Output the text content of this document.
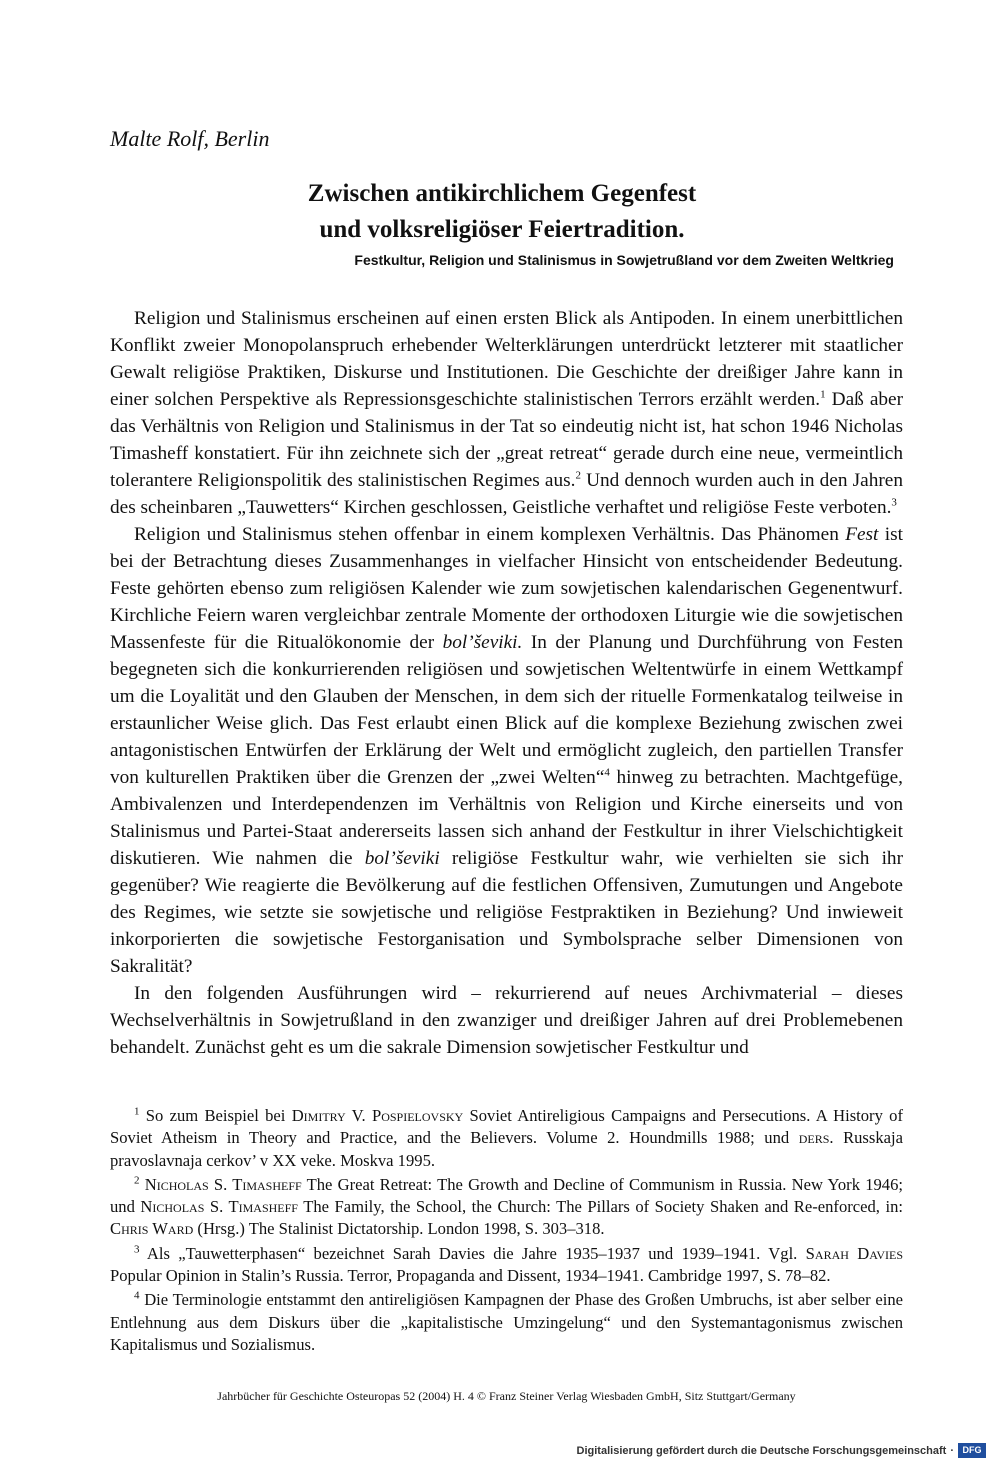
Malte Rolf, Berlin
Zwischen antikirchlichem Gegenfest
und volksreligiöser Feiertradition.
Festkultur, Religion und Stalinismus in Sowjetrußland vor dem Zweiten Weltkrieg

Religion und Stalinismus erscheinen auf einen ersten Blick als Antipoden. In einem unerbittlichen Konflikt zweier Monopolanspruch erhebender Welterklärungen unterdrückt letzterer mit staatlicher Gewalt religiöse Praktiken, Diskurse und Institutionen. Die Geschichte der dreißiger Jahre kann in einer solchen Perspektive als Repressionsgeschichte stalinistischen Terrors erzählt werden.$^1$ Daß aber das Verhältnis von Religion und Stalinismus in der Tat so eindeutig nicht ist, hat schon 1946 Nicholas Timasheff konstatiert. Für ihn zeichnete sich der „great retreat“ gerade durch eine neue, vermeintlich tolerantere Religionspolitik des stalinistischen Regimes aus.$^2$ Und dennoch wurden auch in den Jahren des scheinbaren „Tauwetters“ Kirchen geschlossen, Geistliche verhaftet und religiöse Feste verboten.$^3$

Religion und Stalinismus stehen offenbar in einem komplexen Verhältnis. Das Phänomen Fest ist bei der Betrachtung dieses Zusammenhanges in vielfacher Hinsicht von entscheidender Bedeutung. Feste gehörten ebenso zum religiösen Kalender wie zum sowjetischen kalendarischen Gegenentwurf. Kirchliche Feiern waren vergleichbar zentrale Momente der orthodoxen Liturgie wie die sowjetischen Massenfeste für die Ritualökonomie der bol’ševiki. In der Planung und Durchführung von Festen begegneten sich die konkurrierenden religiösen und sowjetischen Weltentwürfe in einem Wettkampf um die Loyalität und den Glauben der Menschen, in dem sich der rituelle Formenkatalog teilweise in erstaunlicher Weise glich. Das Fest erlaubt einen Blick auf die komplexe Beziehung zwischen zwei antagonistischen Entwürfen der Erklärung der Welt und ermöglicht zugleich, den partiellen Transfer von kulturellen Praktiken über die Grenzen der „zwei Welten“$^4$ hinweg zu betrachten. Machtgefüge, Ambivalenzen und Interdependenzen im Verhältnis von Religion und Kirche einerseits und von Stalinismus und Partei-Staat andererseits lassen sich anhand der Festkultur in ihrer Vielschichtigkeit diskutieren. Wie nahmen die bol’ševiki religiöse Festkultur wahr, wie verhielten sie sich ihr gegenüber? Wie reagierte die Bevölkerung auf die festlichen Offensiven, Zumutungen und Angebote des Regimes, wie setzte sie sowjetische und religiöse Festpraktiken in Beziehung? Und inwieweit inkorporierten die sowjetische Festorganisation und Symbolsprache selber Dimensionen von Sakralität?

In den folgenden Ausführungen wird – rekurrierend auf neues Archivmaterial – dieses Wechselverhältnis in Sowjetrußland in den zwanziger und dreißiger Jahren auf drei Problemebenen behandelt. Zunächst geht es um die sakrale Dimension sowjetischer Festkultur und

$^1$ So zum Beispiel bei Dimitry V. Pospielovsky Soviet Antireligious Campaigns and Persecutions. A History of Soviet Atheism in Theory and Practice, and the Believers. Volume 2. Houndmills 1988; und ders. Russkaja pravoslavnaja cerkov’ v XX veke. Moskva 1995.

$^2$ Nicholas S. Timasheff The Great Retreat: The Growth and Decline of Communism in Russia. New York 1946; und Nicholas S. Timasheff The Family, the School, the Church: The Pillars of Society Shaken and Re-enforced, in: Chris Ward (Hrsg.) The Stalinist Dictatorship. London 1998, S. 303–318.

$^3$ Als „Tauwetterphasen“ bezeichnet Sarah Davies die Jahre 1935–1937 und 1939–1941. Vgl. Sarah Davies Popular Opinion in Stalin’s Russia. Terror, Propaganda and Dissent, 1934–1941. Cambridge 1997, S. 78–82.

$^4$ Die Terminologie entstammt den antireligiösen Kampagnen der Phase des Großen Umbruchs, ist aber selber eine Entlehnung aus dem Diskurs über die „kapitalistische Umzingelung“ und den Systemantagonismus zwischen Kapitalismus und Sozialismus.

Jahrbücher für Geschichte Osteuropas 52 (2004) H. 4 © Franz Steiner Verlag Wiesbaden GmbH, Sitz Stuttgart/Germany
Digitalisierung gefördert durch die Deutsche Forschungsgemeinschaft · DFG
